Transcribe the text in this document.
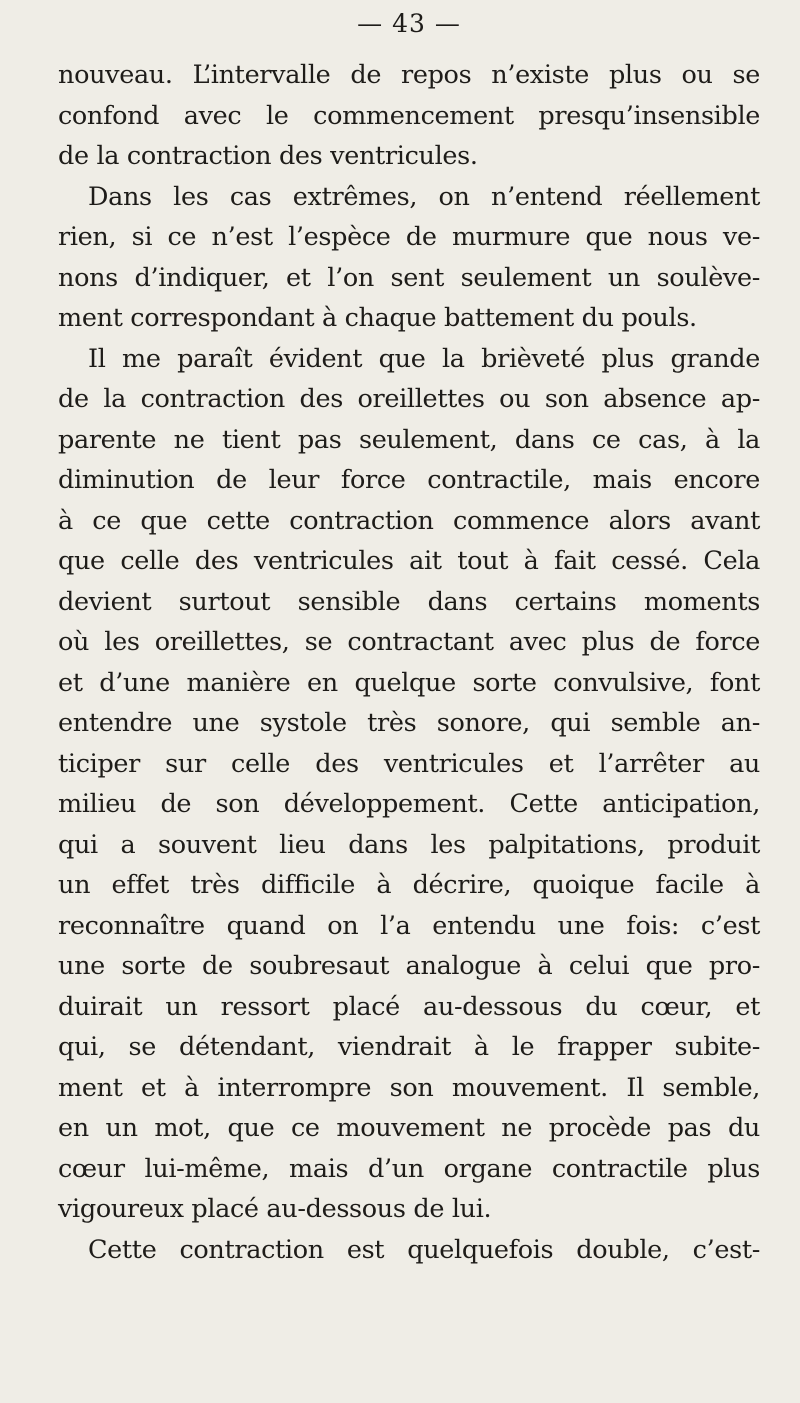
— 43 —
nouveau. L’intervalle de repos n’existe plus ou se
confond avec le commencement presqu’insensible
de la contraction des ventricules.
Dans les cas extrêmes, on n’entend réellement
rien, si ce n’est l’espèce de murmure que nous ve-
nons d’indiquer, et l’on sent seulement un soulève-
ment correspondant à chaque battement du pouls.
Il me paraît évident que la brièveté plus grande
de la contraction des oreillettes ou son absence ap-
parente ne tient pas seulement, dans ce cas, à la
diminution de leur force contractile, mais encore
à ce que cette contraction commence alors avant
que celle des ventricules ait tout à fait cessé. Cela
devient surtout sensible dans certains moments
où les oreillettes, se contractant avec plus de force
et d’une manière en quelque sorte convulsive, font
entendre une systole très sonore, qui semble an-
ticiper sur celle des ventricules et l’arrêter au
milieu de son développement. Cette anticipation,
qui a souvent lieu dans les palpitations, produit
un effet très difficile à décrire, quoique facile à
reconnaître quand on l’a entendu une fois: c’est
une sorte de soubresaut analogue à celui que pro-
duirait un ressort placé au-dessous du cœur, et
qui, se détendant, viendrait à le frapper subite-
ment et à interrompre son mouvement. Il semble,
en un mot, que ce mouvement ne procède pas du
cœur lui-même, mais d’un organe contractile plus
vigoureux placé au-dessous de lui.
Cette contraction est quelquefois double, c’est-
